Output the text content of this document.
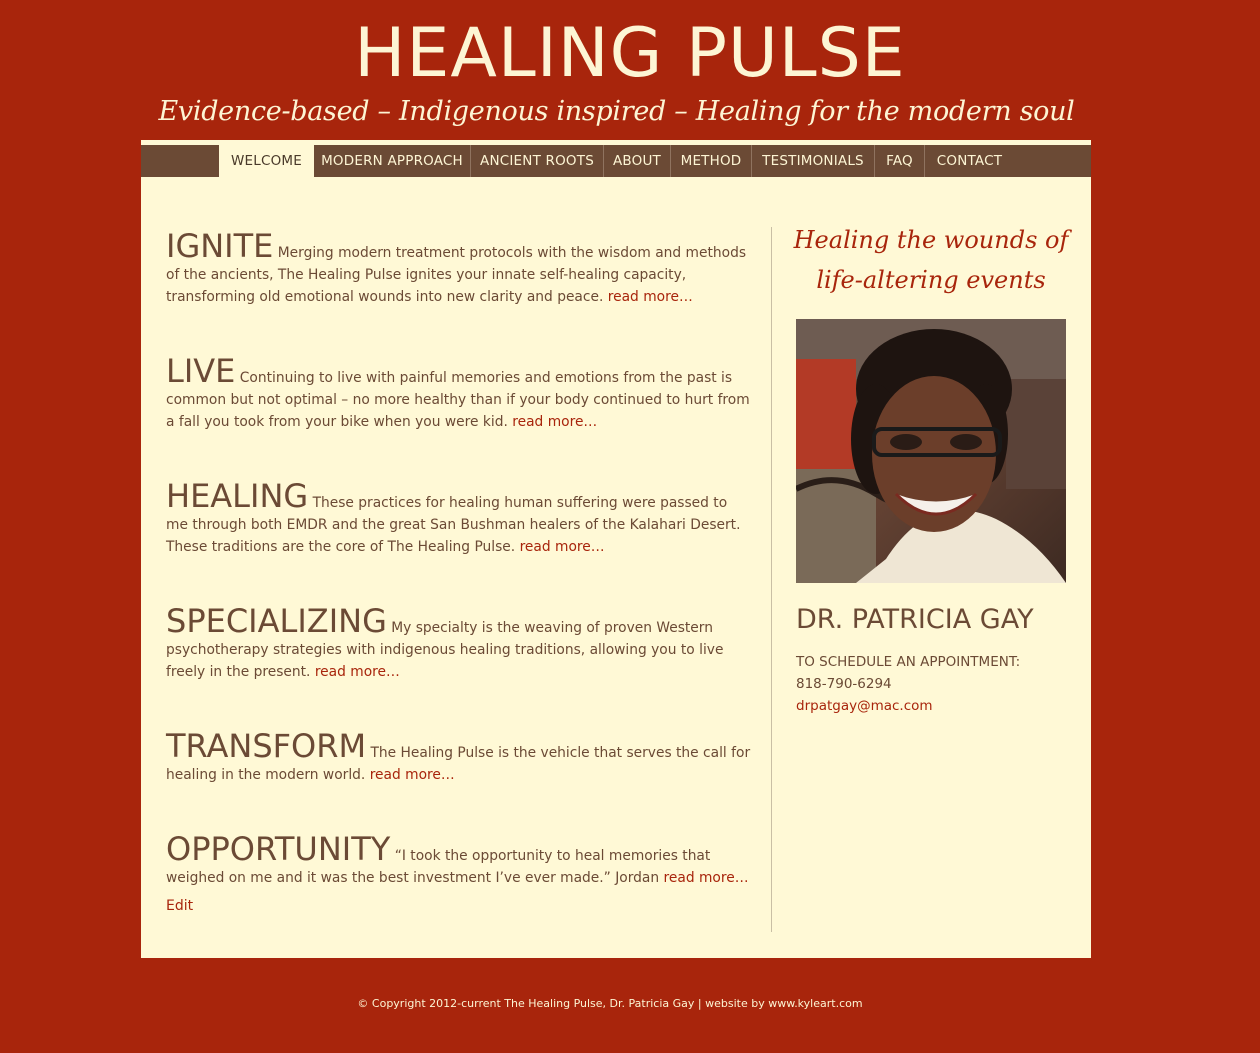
HEALING PULSE
Evidence-based – Indigenous inspired – Healing for the modern soul
WELCOME	MODERN APPROACH	ANCIENT ROOTS	ABOUT	METHOD	TESTIMONIALS	FAQ	CONTACT
IGNITE Merging modern treatment protocols with the wisdom and methods of the ancients, The Healing Pulse ignites your innate self-healing capacity, transforming old emotional wounds into new clarity and peace. read more…
LIVE Continuing to live with painful memories and emotions from the past is common but not optimal – no more healthy than if your body continued to hurt from a fall you took from your bike when you were kid. read more…
HEALING These practices for healing human suffering were passed to me through both EMDR and the great San Bushman healers of the Kalahari Desert. These traditions are the core of The Healing Pulse. read more…
SPECIALIZING My specialty is the weaving of proven Western psychotherapy strategies with indigenous healing traditions, allowing you to live freely in the present. read more…
TRANSFORM The Healing Pulse is the vehicle that serves the call for healing in the modern world. read more…
OPPORTUNITY “I took the opportunity to heal memories that weighed on me and it was the best investment I’ve ever made.” Jordan read more…
Edit
Healing the wounds of life-altering events
DR. PATRICIA GAY
TO SCHEDULE AN APPOINTMENT:
818-790-6294
drpatgay@mac.com
© Copyright 2012-current The Healing Pulse, Dr. Patricia Gay | website by www.kyleart.com
